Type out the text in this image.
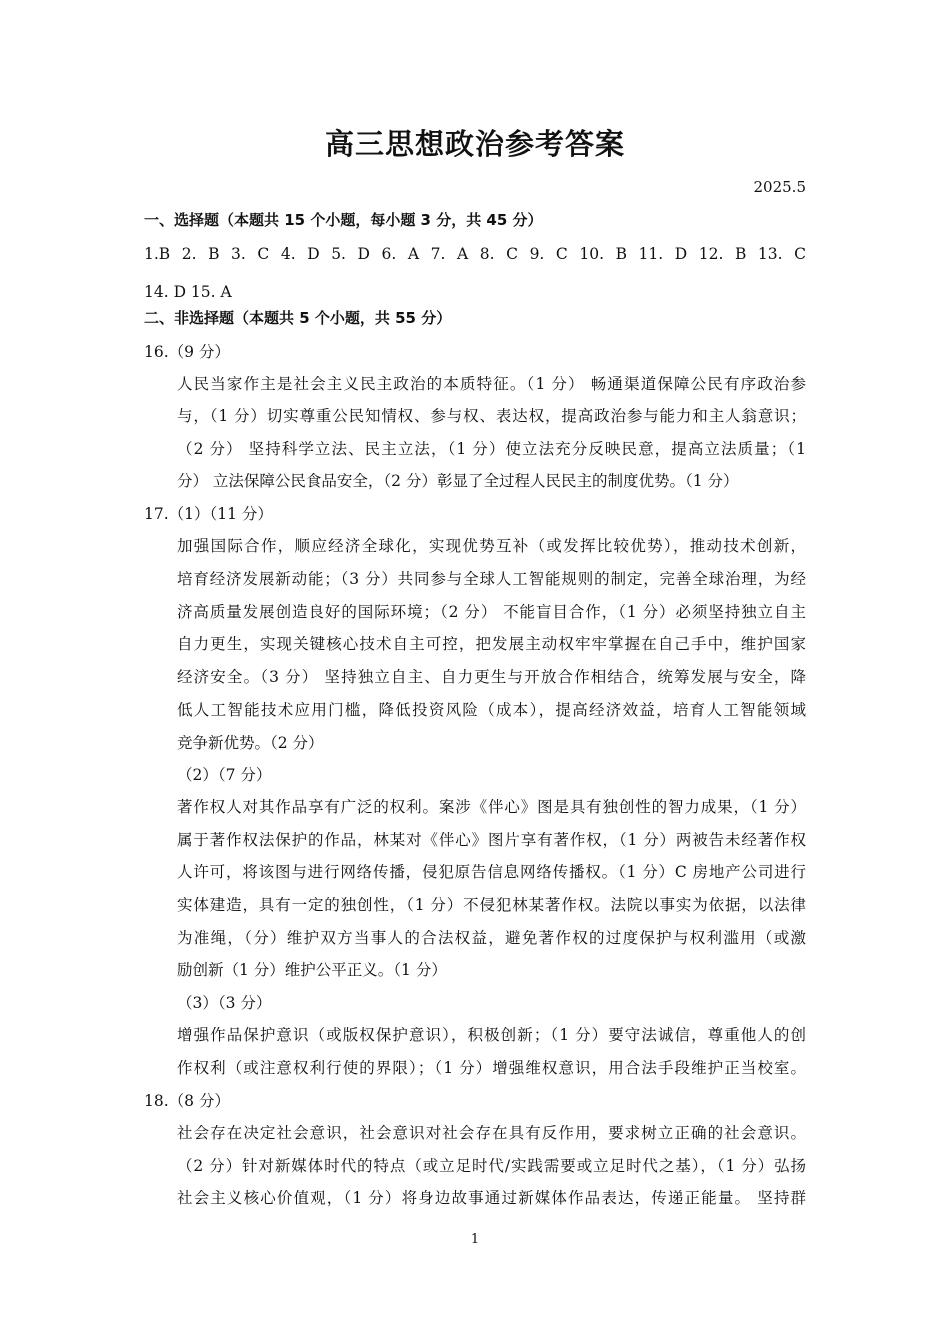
高三思想政治参考答案
2025.5
一、选择题（本题共 15 个小题，每小题 3 分，共 45 分）
1.B 2. B 3. C 4. D 5. D 6. A 7. A 8. C 9. C 10. B 11. D 12. B 13. C
14. D 15. A
二、非选择题（本题共 5 个小题，共 55 分）
16.（9 分）
人民当家作主是社会主义民主政治的本质特征。（1 分） 畅通渠道保障公民有序政治参
与，（1 分）切实尊重公民知情权、参与权、表达权，提高政治参与能力和主人翁意识；
（2 分） 坚持科学立法、民主立法，（1 分）使立法充分反映民意，提高立法质量；（1
分） 立法保障公民食品安全，（2 分）彰显了全过程人民民主的制度优势。（1 分）
17.（1）（11 分）
加强国际合作，顺应经济全球化，实现优势互补（或发挥比较优势），推动技术创新，
培育经济发展新动能；（3 分）共同参与全球人工智能规则的制定，完善全球治理，为经
济高质量发展创造良好的国际环境；（2 分） 不能盲目合作，（1 分）必须坚持独立自主
自力更生，实现关键核心技术自主可控，把发展主动权牢牢掌握在自己手中，维护国家
经济安全。（3 分） 坚持独立自主、自力更生与开放合作相结合，统筹发展与安全，降
低人工智能技术应用门槛，降低投资风险（成本），提高经济效益，培育人工智能领域
竞争新优势。（2 分）
（2）（7 分）
著作权人对其作品享有广泛的权利。案涉《伴心》图是具有独创性的智力成果，（1 分）
属于著作权法保护的作品，林某对《伴心》图片享有著作权，（1 分）两被告未经著作权
人许可，将该图与进行网络传播，侵犯原告信息网络传播权。（1 分）C 房地产公司进行
实体建造，具有一定的独创性，（1 分）不侵犯林某著作权。法院以事实为依据，以法律
为准绳，（分）维护双方当事人的合法权益，避免著作权的过度保护与权利滥用（或激
励创新（1 分）维护公平正义。（1 分）
（3）（3 分）
增强作品保护意识（或版权保护意识），积极创新；（1 分）要守法诚信，尊重他人的创
作权利（或注意权利行使的界限）；（1 分）增强维权意识，用合法手段维护正当校室。
18.（8 分）
社会存在决定社会意识，社会意识对社会存在具有反作用，要求树立正确的社会意识。
（2 分）针对新媒体时代的特点（或立足时代/实践需要或立足时代之基），（1 分）弘扬
社会主义核心价值观，（1 分）将身边故事通过新媒体作品表达，传递正能量。 坚持群
1
